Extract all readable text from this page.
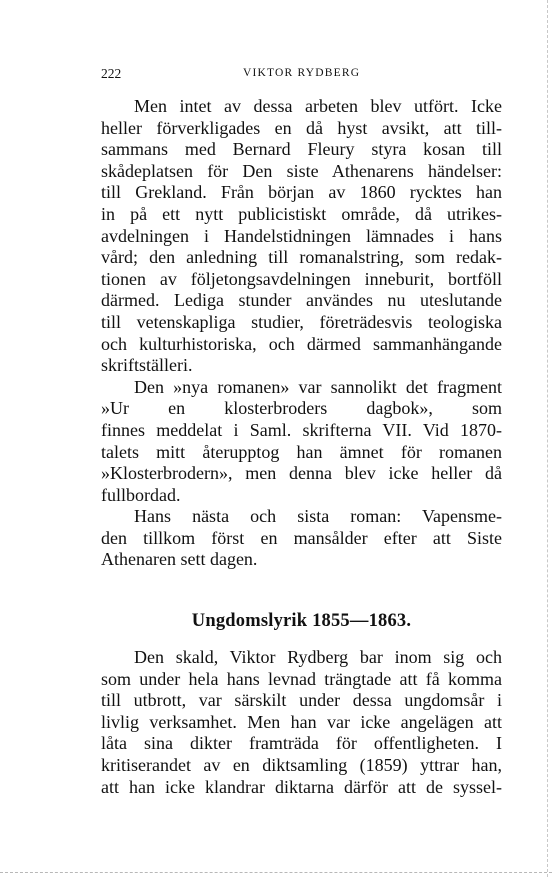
222	VIKTOR RYDBERG
Men intet av dessa arbeten blev utfört. Icke
heller förverkligades en då hyst avsikt, att till-
sammans med Bernard Fleury styra kosan till
skådeplatsen för Den siste Athenarens händelser:
till Grekland. Från början av 1860 rycktes han
in på ett nytt publicistiskt område, då utrikes-
avdelningen i Handelstidningen lämnades i hans
vård; den anledning till romanalstring, som redak-
tionen av följetongsavdelningen inneburit, bortföll
därmed. Lediga stunder användes nu uteslutande
till vetenskapliga studier, företrädesvis teologiska
och kulturhistoriska, och därmed sammanhängande
skriftställeri.
Den »nya romanen» var sannolikt det fragment
»Ur en klosterbroders dagbok», som
finnes meddelat i Saml. skrifterna VII. Vid 1870-
talets mitt återupptog han ämnet för romanen
»Klosterbrodern», men denna blev icke heller då
fullbordad.
Hans nästa och sista roman: Vapensme-
den tillkom först en mansålder efter att Siste
Athenaren sett dagen.
Ungdomslyrik 1855—1863.
Den skald, Viktor Rydberg bar inom sig och
som under hela hans levnad trängtade att få komma
till utbrott, var särskilt under dessa ungdomsår i
livlig verksamhet. Men han var icke angelägen att
låta sina dikter framträda för offentligheten. I
kritiserandet av en diktsamling (1859) yttrar han,
att han icke klandrar diktarna därför att de syssel-
